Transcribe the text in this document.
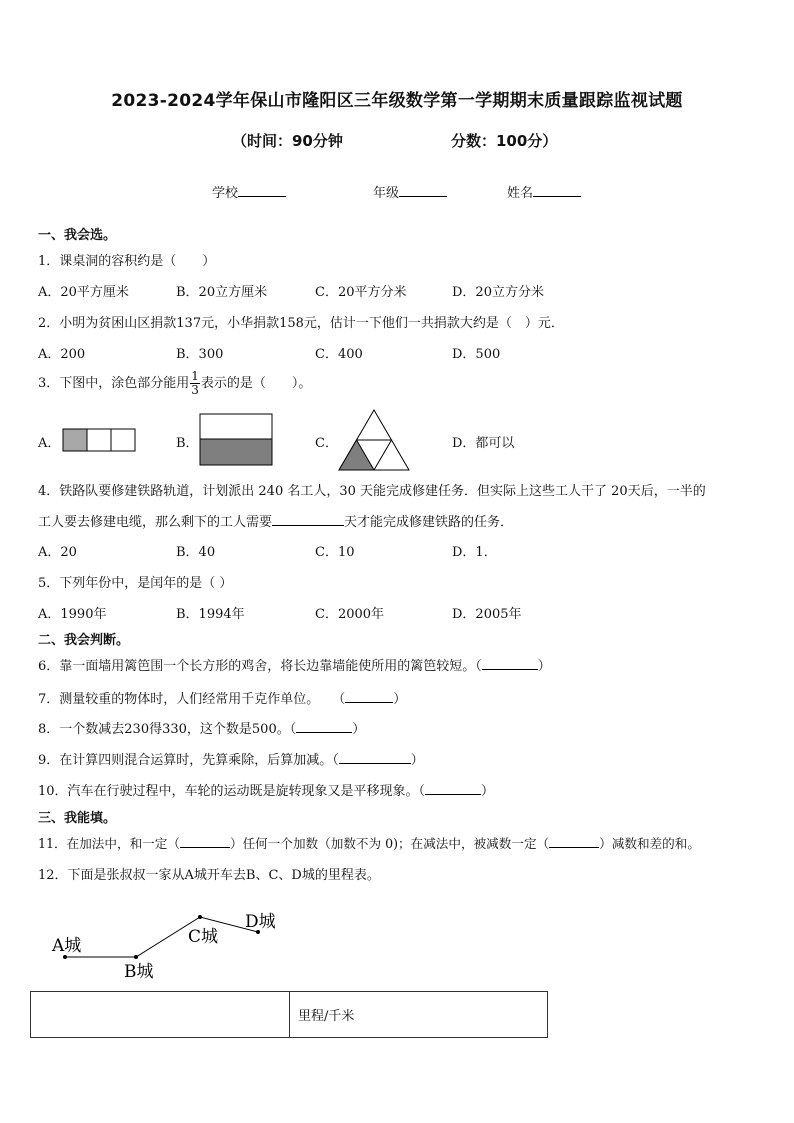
2023-2024学年保山市隆阳区三年级数学第一学期期末质量跟踪监视试题
（时间：90分钟	分数：100分）
学校	年级	姓名
一、我会选。
1．课桌洞的容积约是（　　）
A．20平方厘米	B．20立方厘米	C．20平方分米	D．20立方分米
2．小明为贫困山区捐款137元，小华捐款158元，估计一下他们一共捐款大约是（　）元．
A．200	B．300	C．400	D．500
3．下图中，涂色部分能用 $\frac{1}{3}$ 表示的是（　　）。
A．	B．	C．	D．都可以
4．铁路队要修建铁路轨道，计划派出 240 名工人，30 天能完成修建任务．但实际上这些工人干了 20天后，一半的
工人要去修建电缆，那么剩下的工人需要	天才能完成修建铁路的任务．
A．20	B．40	C．10	D．1．
5．下列年份中，是闰年的是（ ）
A．1990年	B．1994年	C．2000年	D．2005年
二、我会判断。
6．靠一面墙用篱笆围一个长方形的鸡舍，将长边靠墙能使所用的篱笆较短。（	）
7．测量较重的物体时，人们经常用千克作单位。　　（	）
8．一个数减去230得330，这个数是500。（	）
9．在计算四则混合运算时，先算乘除，后算加减。（	）
10．汽车在行驶过程中，车轮的运动既是旋转现象又是平移现象。（	）
三、我能填。
11．在加法中，和一定（	）任何一个加数（加数不为 0)；在减法中，被减数一定（	）减数和差的和。
12．下面是张叔叔一家从A城开车去B、C、D城的里程表。
A城
B城
C城
D城
	里程/千米
